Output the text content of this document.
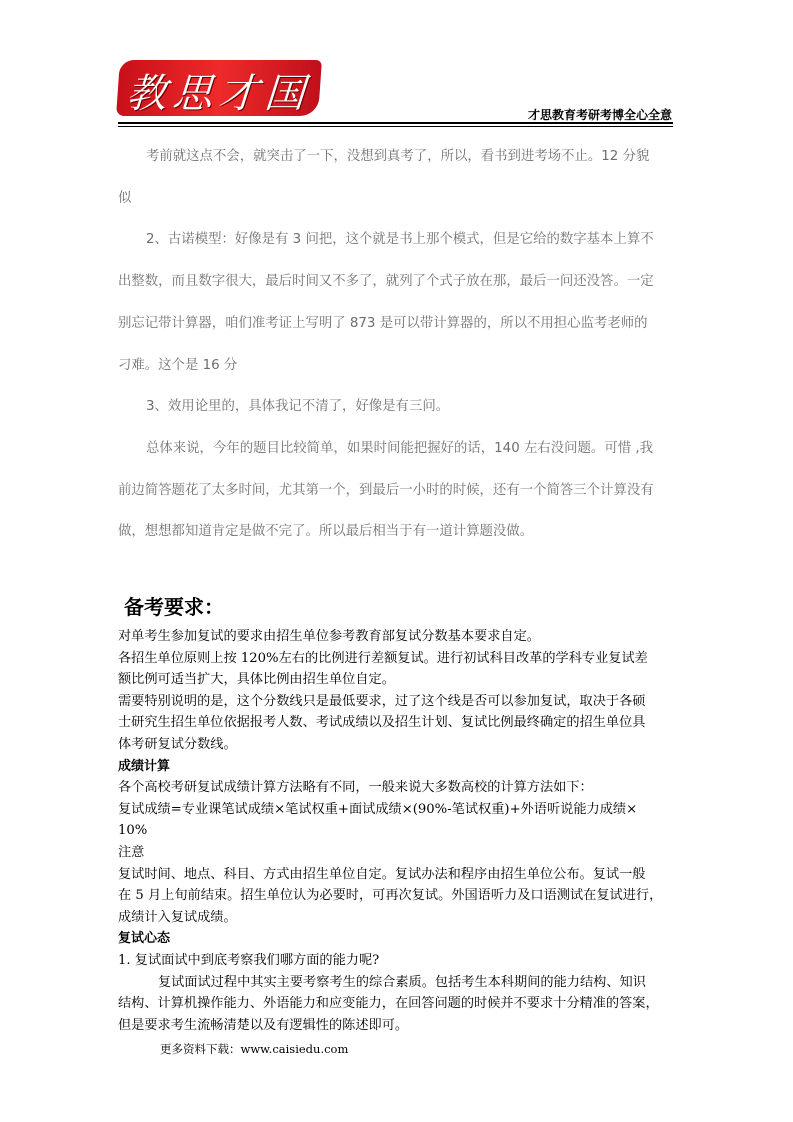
教思才国	才思教育考研考博全心全意
考前就这点不会，就突击了一下，没想到真考了，所以，看书到进考场不止。12 分貌
似
2、古诺模型：好像是有 3 问把，这个就是书上那个模式，但是它给的数字基本上算不
出整数，而且数字很大，最后时间又不多了，就列了个式子放在那，最后一问还没答。一定
别忘记带计算器，咱们准考证上写明了 873 是可以带计算器的，所以不用担心监考老师的
刁难。这个是 16 分
3、效用论里的，具体我记不清了，好像是有三问。
总体来说，今年的题目比较简单，如果时间能把握好的话，140 左右没问题。可惜 ,我
前边简答题花了太多时间，尤其第一个，到最后一小时的时候，还有一个简答三个计算没有
做，想想都知道肯定是做不完了。所以最后相当于有一道计算题没做。
备考要求：
对单考生参加复试的要求由招生单位参考教育部复试分数基本要求自定。
各招生单位原则上按 120%左右的比例进行差额复试。进行初试科目改革的学科专业复试差
额比例可适当扩大，具体比例由招生单位自定。
需要特别说明的是，这个分数线只是最低要求，过了这个线是否可以参加复试，取决于各硕
士研究生招生单位依据报考人数、考试成绩以及招生计划、复试比例最终确定的招生单位具
体考研复试分数线。
成绩计算
各个高校考研复试成绩计算方法略有不同，一般来说大多数高校的计算方法如下：
复试成绩=专业课笔试成绩×笔试权重+面试成绩×(90%-笔试权重)+外语听说能力成绩×
10%
注意
复试时间、地点、科目、方式由招生单位自定。复试办法和程序由招生单位公布。复试一般
在 5 月上旬前结束。招生单位认为必要时，可再次复试。外国语听力及口语测试在复试进行，
成绩计入复试成绩。
复试心态
1. 复试面试中到底考察我们哪方面的能力呢?
复试面试过程中其实主要考察考生的综合素质。包括考生本科期间的能力结构、知识
结构、计算机操作能力、外语能力和应变能力，在回答问题的时候并不要求十分精准的答案，
但是要求考生流畅清楚以及有逻辑性的陈述即可。
更多资料下载：www.caisiedu.com
